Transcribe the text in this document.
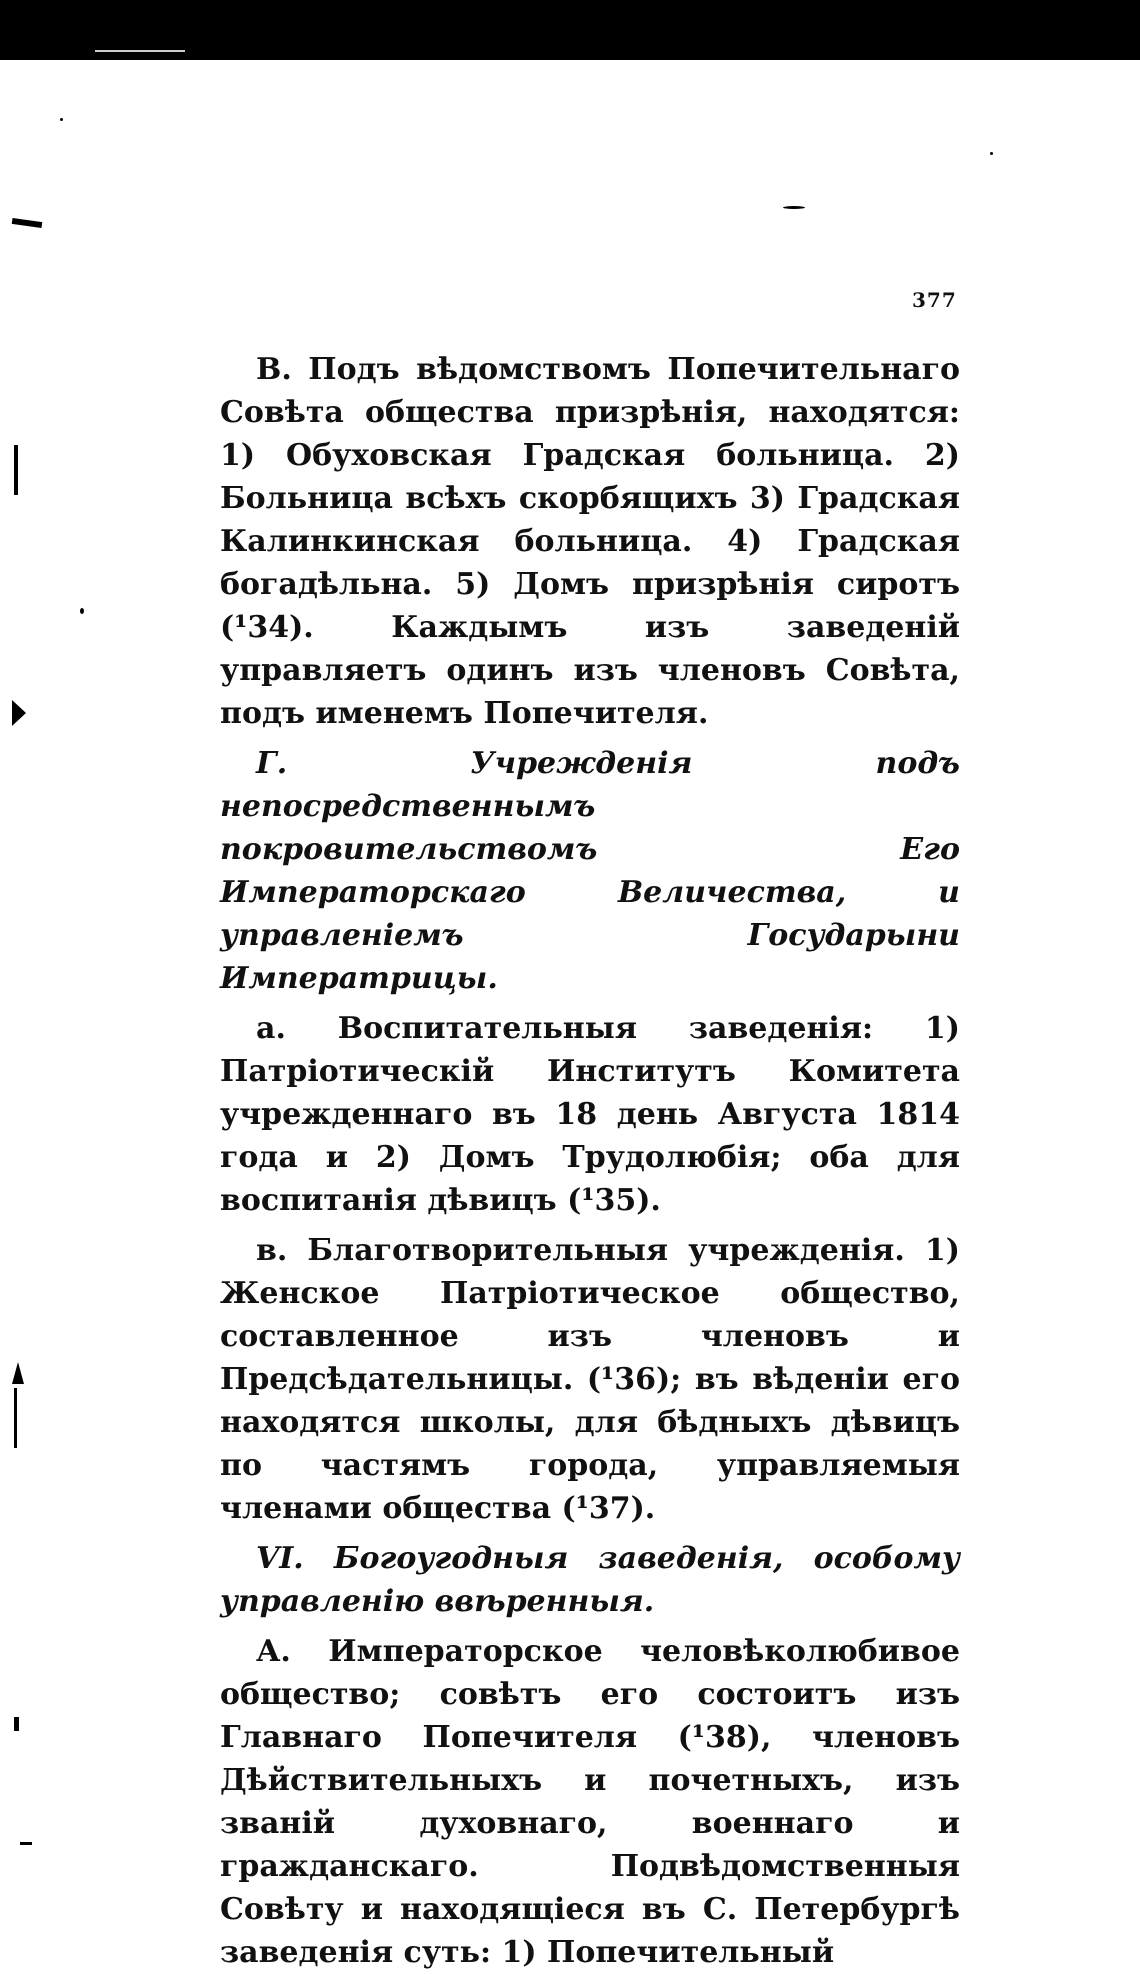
377

В. Подъ вѣдомствомъ Попечительнаго Совѣта общества призрѣнія, находятся: 1) Обуховская Градская больница. 2) Больница всѣхъ скорбящихъ 3) Градская Калинкинская больница. 4) Градская богадѣльна. 5) Домъ призрѣнія сиротъ (¹34). Каждымъ изъ заведеній управляетъ одинъ изъ членовъ Совѣта, подъ именемъ Попечителя.

Г. Учрежденія подъ непосредственнымъ покровительствомъ Его Императорскаго Величества, и управленіемъ Государыни Императрицы.

а. Воспитательныя заведенія: 1) Патріотическій Институтъ Комитета учрежденнаго въ 18 день Августа 1814 года и 2) Домъ Трудолюбія; оба для воспитанія дѣвицъ (¹35).

в. Благотворительныя учрежденія. 1) Женское Патріотическое общество, составленное изъ членовъ и Предсѣдательницы. (¹36); въ вѣденіи его находятся школы, для бѣдныхъ дѣвицъ по частямъ города, управляемыя членами общества (¹37).

VI. Богоугодныя заведенія, особому управленію ввѣренныя.

А. Императорское человѣколюбивое общество; совѣтъ его состоитъ изъ Главнаго Попечителя (¹38), членовъ Дѣйствительныхъ и почетныхъ, изъ званій духовнаго, военнаго и гражданскаго. Подвѣдомственныя Совѣту и находящіеся въ С. Петербургѣ заведенія суть: 1) Попечительный
